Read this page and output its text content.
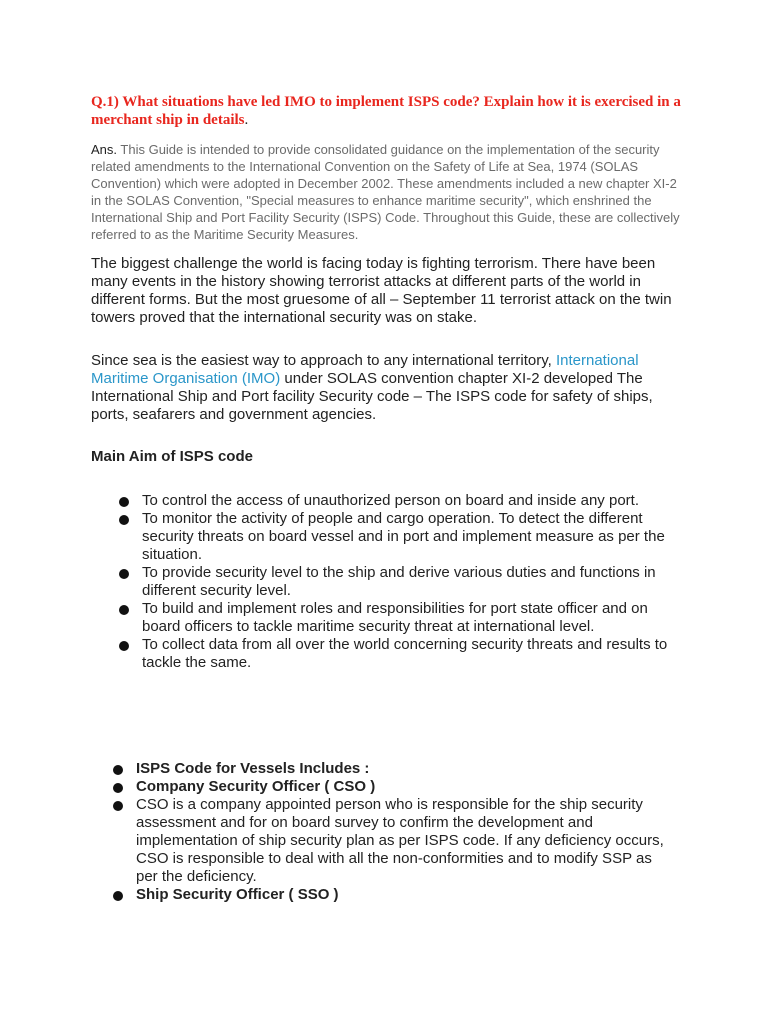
Q.1) What situations have led IMO to implement ISPS code? Explain how it is exercised in a merchant ship in details.

Ans. This Guide is intended to provide consolidated guidance on the implementation of the security related amendments to the International Convention on the Safety of Life at Sea, 1974 (SOLAS Convention) which were adopted in December 2002. These amendments included a new chapter XI-2 in the SOLAS Convention, "Special measures to enhance maritime security", which enshrined the International Ship and Port Facility Security (ISPS) Code. Throughout this Guide, these are collectively referred to as the Maritime Security Measures.

The biggest challenge the world is facing today is fighting terrorism. There have been many events in the history showing terrorist attacks at different parts of the world in different forms. But the most gruesome of all – September 11 terrorist attack on the twin towers proved that the international security was on stake.

Since sea is the easiest way to approach to any international territory, International Maritime Organisation (IMO) under SOLAS convention chapter XI-2 developed The International Ship and Port facility Security code – The ISPS code for safety of ships, ports, seafarers and government agencies.

Main Aim of ISPS code

To control the access of unauthorized person on board and inside any port.
To monitor the activity of people and cargo operation. To detect the different security threats on board vessel and in port and implement measure as per the situation.
To provide security level to the ship and derive various duties and functions in different security level.
To build and implement roles and responsibilities for port state officer and on board officers to tackle maritime security threat at international level.
To collect data from all over the world concerning security threats and results to tackle the same.
ISPS Code for Vessels Includes :
Company Security Officer ( CSO )
CSO is a company appointed person who is responsible for the ship security assessment and for on board survey to confirm the development and implementation of ship security plan as per ISPS code. If any deficiency occurs, CSO is responsible to deal with all the non-conformities and to modify SSP as per the deficiency.
Ship Security Officer ( SSO )
